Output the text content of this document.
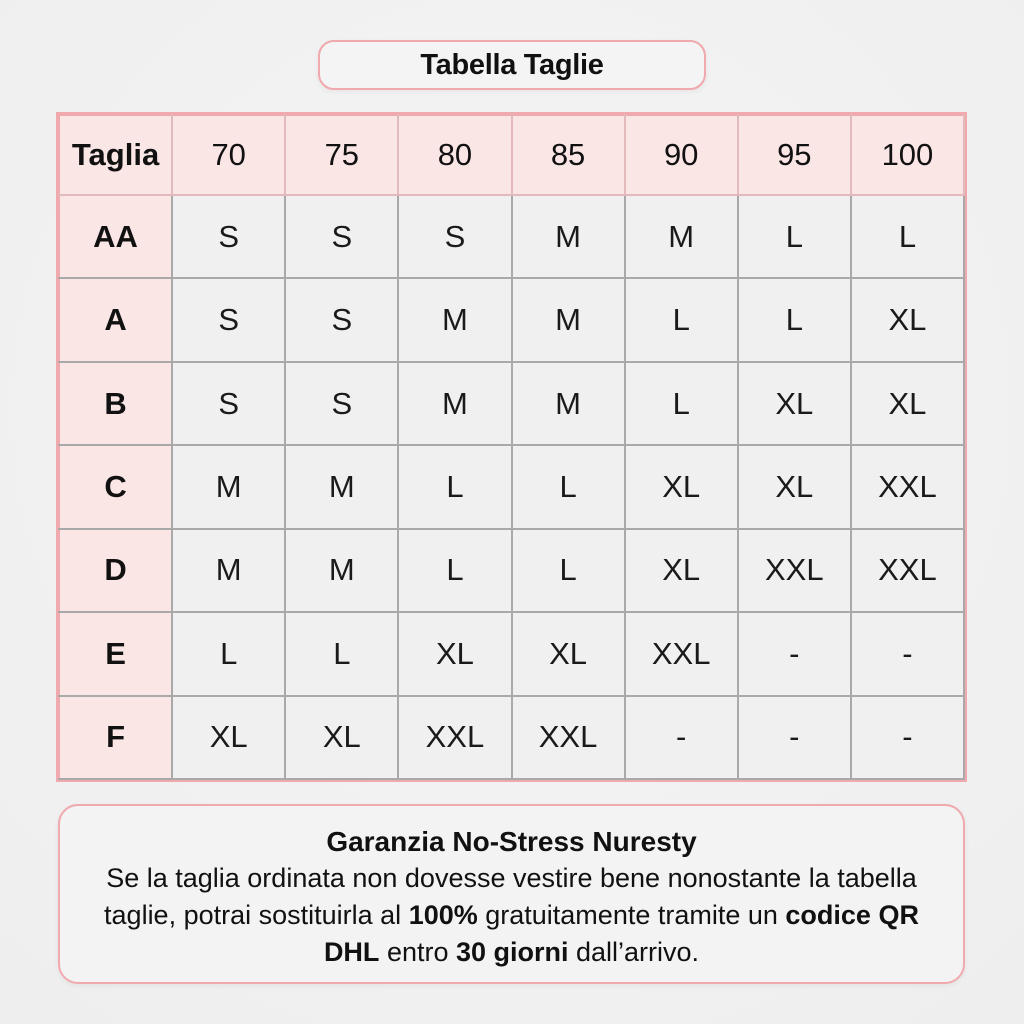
Tabella Taglie
Taglia	70	75	80	85	90	95	100
AA	S	S	S	M	M	L	L
A	S	S	M	M	L	L	XL
B	S	S	M	M	L	XL	XL
C	M	M	L	L	XL	XL	XXL
D	M	M	L	L	XL	XXL	XXL
E	L	L	XL	XL	XXL	-	-
F	XL	XL	XXL	XXL	-	-	-
Garanzia No-Stress Nuresty
Se la taglia ordinata non dovesse vestire bene nonostante la tabella taglie, potrai sostituirla al 100% gratuitamente tramite un codice QR DHL entro 30 giorni dall’arrivo.
